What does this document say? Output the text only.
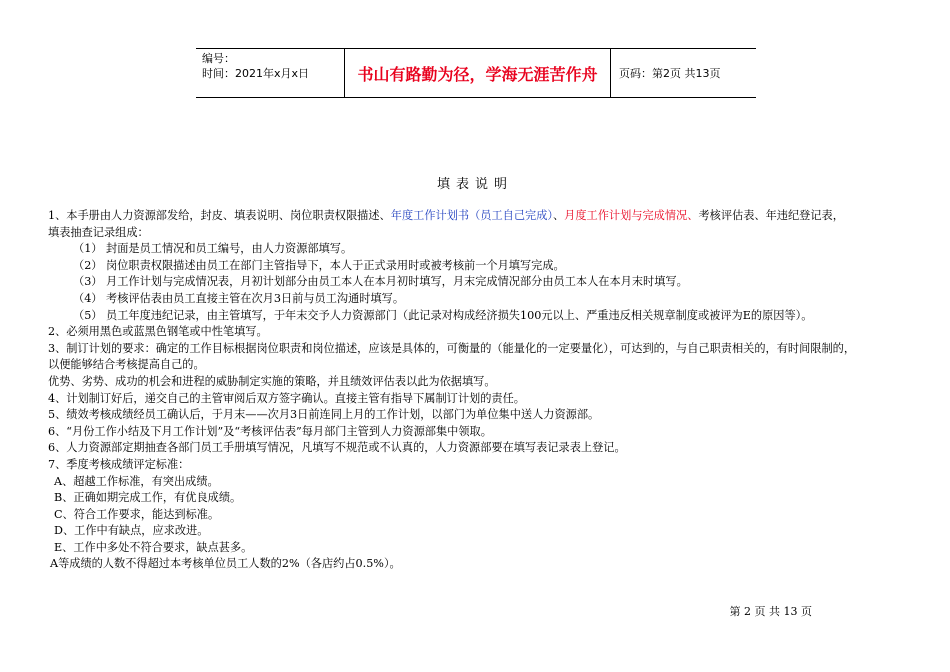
编号：
时间：2021年x月x日	书山有路勤为径，学海无涯苦作舟	页码：第2页 共13页
填表说明
1、本手册由人力资源部发给，封皮、填表说明、岗位职责权限描述、年度工作计划书（员工自己完成）、月度工作计划与完成情况、考核评估表、年违纪登记表，
填表抽查记录组成：
（1） 封面是员工情况和员工编号，由人力资源部填写。
（2） 岗位职责权限描述由员工在部门主管指导下，本人于正式录用时或被考核前一个月填写完成。
（3） 月工作计划与完成情况表，月初计划部分由员工本人在本月初时填写，月末完成情况部分由员工本人在本月末时填写。
（4） 考核评估表由员工直接主管在次月3日前与员工沟通时填写。
（5） 员工年度违纪记录，由主管填写，于年末交予人力资源部门（此记录对构成经济损失100元以上、严重违反相关规章制度或被评为E的原因等）。
2、必须用黑色或蓝黑色钢笔或中性笔填写。
3、制订计划的要求：确定的工作目标根据岗位职责和岗位描述，应该是具体的，可衡量的（能量化的一定要量化），可达到的，与自己职责相关的，有时间限制的，
以便能够结合考核提高自己的。
优势、劣势、成功的机会和进程的威胁制定实施的策略，并且绩效评估表以此为依据填写。
4、计划制订好后，递交自己的主管审阅后双方签字确认。直接主管有指导下属制订计划的责任。
5、绩效考核成绩经员工确认后，于月末——次月3日前连同上月的工作计划，以部门为单位集中送人力资源部。
6、“月份工作小结及下月工作计划”及“考核评估表”每月部门主管到人力资源部集中领取。
6、人力资源部定期抽查各部门员工手册填写情况，凡填写不规范或不认真的，人力资源部要在填写表记录表上登记。
7、季度考核成绩评定标准：
A、超越工作标准，有突出成绩。
B、正确如期完成工作，有优良成绩。
C、符合工作要求，能达到标准。
D、工作中有缺点，应求改进。
E、工作中多处不符合要求，缺点甚多。
A等成绩的人数不得超过本考核单位员工人数的2%（各店约占0.5%）。
第 2 页 共 13 页
